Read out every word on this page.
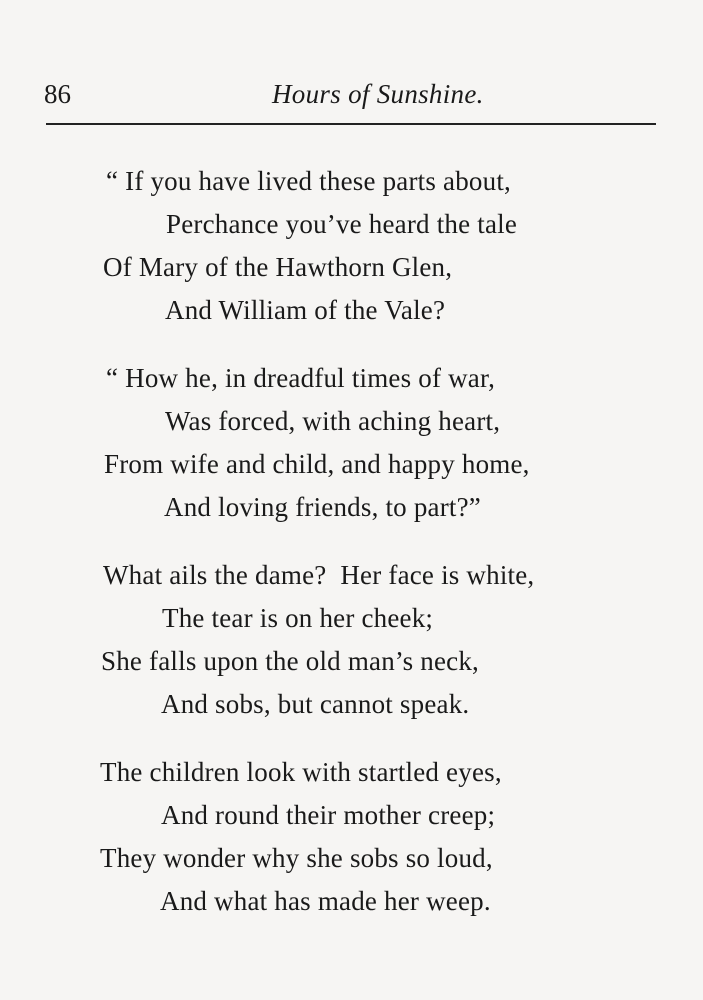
86	Hours of Sunshine.
“ If you have lived these parts about,
Perchance you’ve heard the tale
Of Mary of the Hawthorn Glen,
And William of the Vale?
“ How he, in dreadful times of war,
Was forced, with aching heart,
From wife and child, and happy home,
And loving friends, to part?”
What ails the dame?  Her face is white,
The tear is on her cheek;
She falls upon the old man’s neck,
And sobs, but cannot speak.
The children look with startled eyes,
And round their mother creep;
They wonder why she sobs so loud,
And what has made her weep.
